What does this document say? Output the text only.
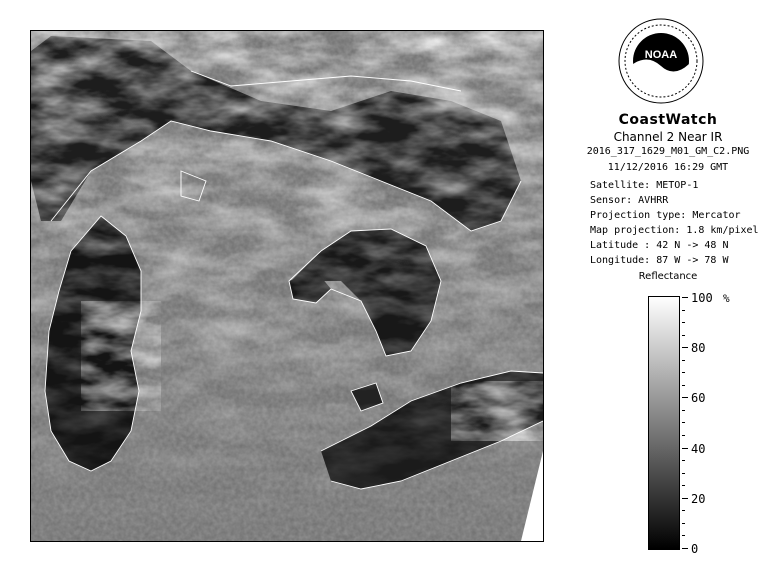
NOAA
CoastWatch
Channel 2 Near IR
2016_317_1629_M01_GM_C2.PNG
11/12/2016 16:29 GMT
Satellite: METOP-1
Sensor: AVHRR
Projection type: Mercator
Map projection: 1.8 km/pixel
Latitude : 42 N -> 48 N
Longitude: 87 W -> 78 W
Reflectance
%
100
80
60
40
20
0
